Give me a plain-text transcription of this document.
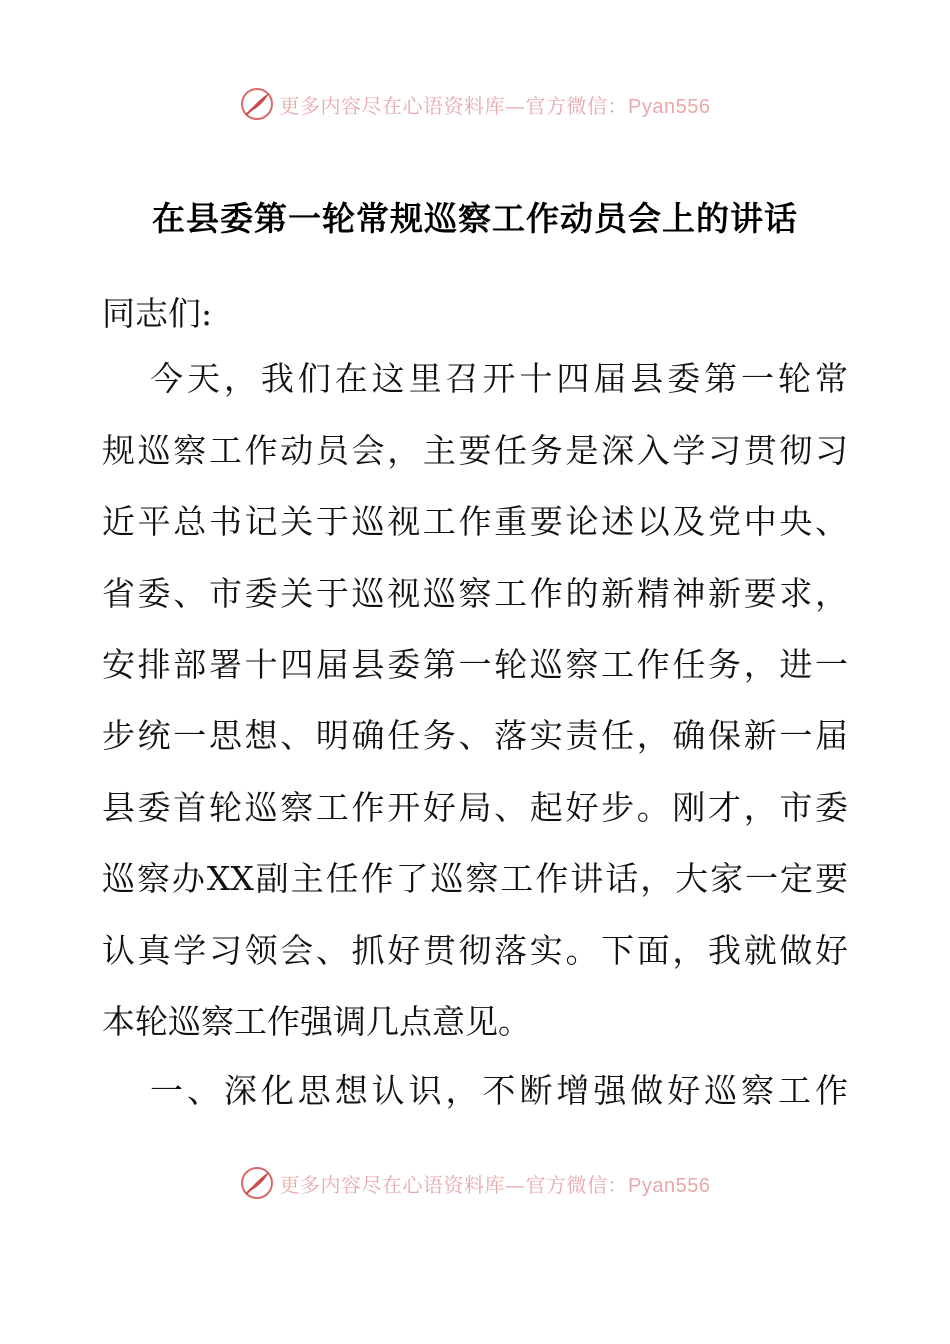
更多内容尽在心语资料库—官方微信：Pyan556
在县委第一轮常规巡察工作动员会上的讲话
同志们:
今天，我们在这里召开十四届县委第一轮常
规巡察工作动员会，主要任务是深入学习贯彻习
近平总书记关于巡视工作重要论述以及党中央、
省委、市委关于巡视巡察工作的新精神新要求，
安排部署十四届县委第一轮巡察工作任务，进一
步统一思想、明确任务、落实责任，确保新一届
县委首轮巡察工作开好局、起好步。刚才，市委
巡察办XX副主任作了巡察工作讲话，大家一定要
认真学习领会、抓好贯彻落实。下面，我就做好
本轮巡察工作强调几点意见。
一、深化思想认识，不断增强做好巡察工作
更多内容尽在心语资料库—官方微信：Pyan556
